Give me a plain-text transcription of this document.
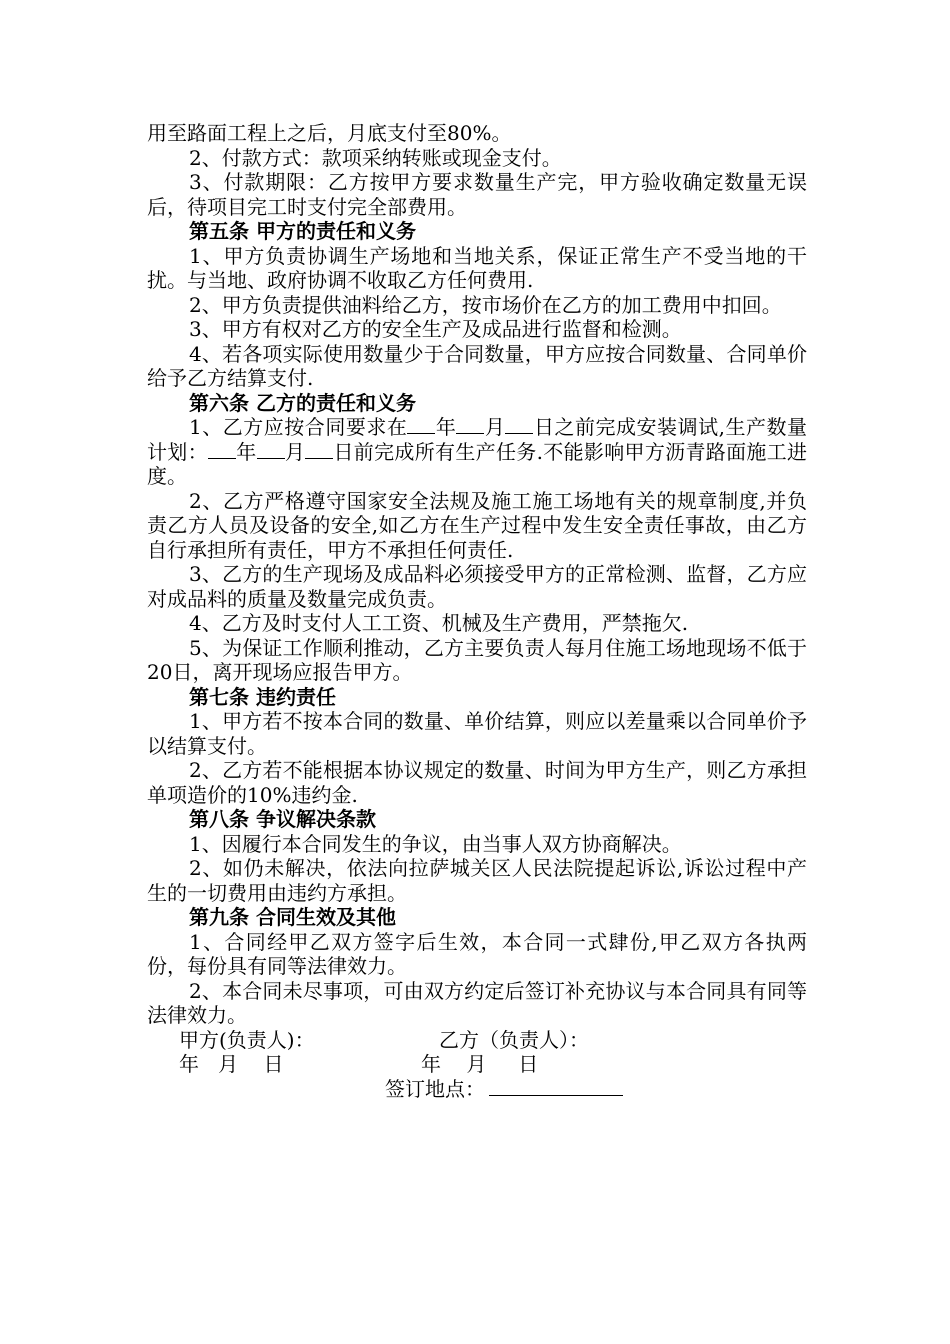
用至路面工程上之后，月底支付至80%。

2、付款方式：款项采纳转账或现金支付。

3、付款期限：乙方按甲方要求数量生产完，甲方验收确定数量无误后，待项目完工时支付完全部费用。

第五条 甲方的责任和义务

1、甲方负责协调生产场地和当地关系，保证正常生产不受当地的干扰。与当地、政府协调不收取乙方任何费用.

2、甲方负责提供油料给乙方，按市场价在乙方的加工费用中扣回。

3、甲方有权对乙方的安全生产及成品进行监督和检测。

4、若各项实际使用数量少于合同数量，甲方应按合同数量、合同单价给予乙方结算支付.

第六条 乙方的责任和义务

1、乙方应按合同要求在 年 月 日之前完成安装调试,生产数量计划： 年 月 日前完成所有生产任务.不能影响甲方沥青路面施工进度。

2、乙方严格遵守国家安全法规及施工施工场地有关的规章制度,并负责乙方人员及设备的安全,如乙方在生产过程中发生安全责任事故，由乙方自行承担所有责任，甲方不承担任何责任.

3、乙方的生产现场及成品料必须接受甲方的正常检测、监督，乙方应对成品料的质量及数量完成负责。

4、乙方及时支付人工工资、机械及生产费用，严禁拖欠.

5、为保证工作顺利推动，乙方主要负责人每月住施工场地现场不低于20日，离开现场应报告甲方。

第七条 违约责任

1、甲方若不按本合同的数量、单价结算，则应以差量乘以合同单价予以结算支付。

2、乙方若不能根据本协议规定的数量、时间为甲方生产，则乙方承担单项造价的10%违约金.

第八条 争议解决条款

1、因履行本合同发生的争议，由当事人双方协商解决。

2、如仍未解决，依法向拉萨城关区人民法院提起诉讼,诉讼过程中产生的一切费用由违约方承担。

第九条 合同生效及其他

1、合同经甲乙双方签字后生效，本合同一式肆份,甲乙双方各执两份，每份具有同等法律效力。

2、本合同未尽事项，可由双方约定后签订补充协议与本合同具有同等法律效力。

甲方(负责人)：	乙方（负责人）：
年   月    日	年    月     日
签订地点：
